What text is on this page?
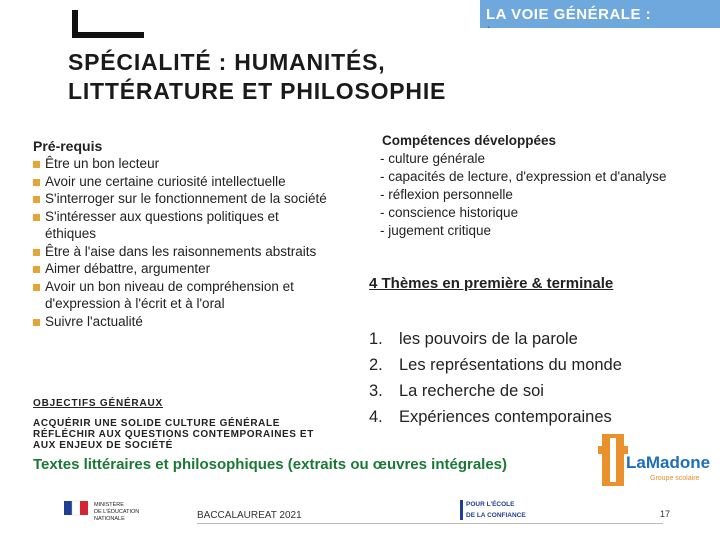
LA VOIE GÉNÉRALE :
`
SPÉCIALITÉ : HUMANITÉS,
LITTÉRATURE ET PHILOSOPHIE
Pré-requis
Être un bon lecteur
Avoir une certaine curiosité intellectuelle
S'interroger sur le fonctionnement de la société
S'intéresser aux questions politiques et éthiques
Être à l'aise dans les raisonnements abstraits
Aimer débattre, argumenter
Avoir un bon niveau de compréhension et d'expression à l'écrit et à l'oral
Suivre l'actualité
OBJECTIFS GÉNÉRAUX
ACQUÉRIR UNE SOLIDE CULTURE GÉNÉRALE
RÉFLÉCHIR AUX QUESTIONS CONTEMPORAINES ET
AUX ENJEUX DE SOCIÉTÉ
Compétences développées
- culture générale
- capacités de lecture, d'expression et d'analyse
- réflexion personnelle
- conscience historique
- jugement critique
4 Thèmes en première & terminale
1. les pouvoirs de la parole
2. Les représentations du monde
3. La recherche de soi
4. Expériences contemporaines
Textes littéraires et philosophiques (extraits ou œuvres intégrales)	LaMadone
Groupe scolaire
MINISTÈRE
DE L'ÉDUCATION
NATIONALE	BACCALAUREAT 2021
POUR L'ÉCOLE
DE LA CONFIANCE	17
